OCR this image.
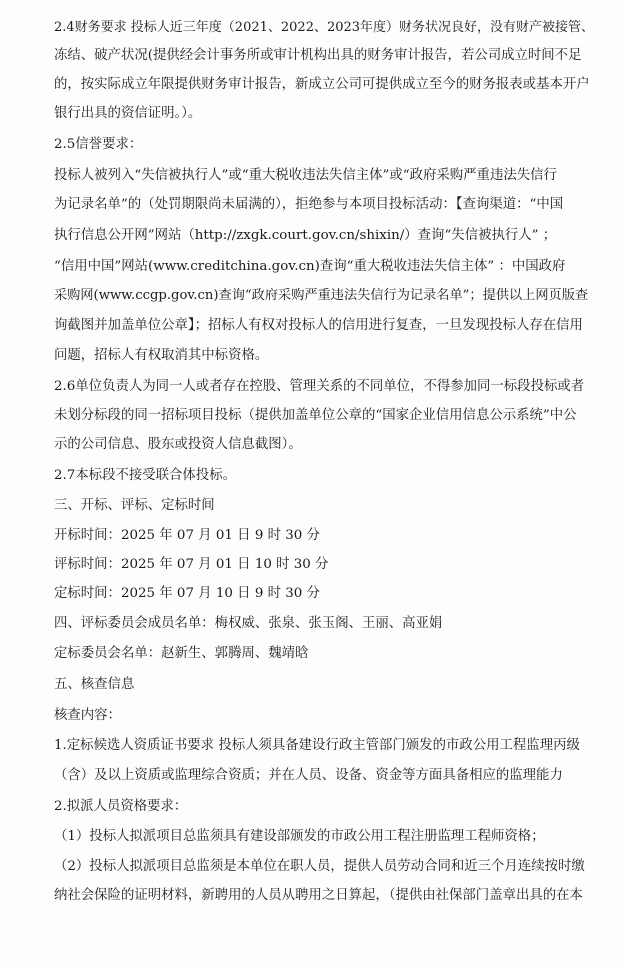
2.4财务要求 投标人近三年度（2021、2022、2023年度）财务状况良好，没有财产被接管、
冻结、破产状况(提供经会计事务所或审计机构出具的财务审计报告，若公司成立时间不足
的，按实际成立年限提供财务审计报告，新成立公司可提供成立至今的财务报表或基本开户
银行出具的资信证明。）。
2.5信誉要求：
投标人被列入“失信被执行人”或“重大税收违法失信主体”或“政府采购严重违法失信行
为记录名单”的（处罚期限尚未届满的），拒绝参与本项目投标活动：【查询渠道：“中国
执行信息公开网”网站（http://zxgk.court.gov.cn/shixin/）查询“失信被执行人” ；
“信用中国”网站(www.creditchina.gov.cn)查询“重大税收违法失信主体” ：中国政府
采购网(www.ccgp.gov.cn)查询“政府采购严重违法失信行为记录名单”；提供以上网页版查
询截图并加盖单位公章】；招标人有权对投标人的信用进行复查，一旦发现投标人存在信用
问题，招标人有权取消其中标资格。
2.6单位负责人为同一人或者存在控股、管理关系的不同单位，不得参加同一标段投标或者
未划分标段的同一招标项目投标（提供加盖单位公章的“国家企业信用信息公示系统”中公
示的公司信息、股东或投资人信息截图）。
2.7本标段不接受联合体投标。
三、开标、评标、定标时间
开标时间：2025 年 07 月 01 日 9 时 30 分
评标时间：2025 年 07 月 01 日 10 时 30 分
定标时间：2025 年 07 月 10 日 9 时 30 分
四、评标委员会成员名单：梅权威、张泉、张玉阁、王丽、高亚娟
定标委员会名单：赵新生、郭腾周、魏靖晗
五、核查信息
核查内容：
1.定标候选人资质证书要求 投标人须具备建设行政主管部门颁发的市政公用工程监理丙级
（含）及以上资质或监理综合资质；并在人员、设备、资金等方面具备相应的监理能力
2.拟派人员资格要求：
（1）投标人拟派项目总监须具有建设部颁发的市政公用工程注册监理工程师资格；
（2）投标人拟派项目总监须是本单位在职人员，提供人员劳动合同和近三个月连续按时缴
纳社会保险的证明材料，新聘用的人员从聘用之日算起，（提供由社保部门盖章出具的在本
